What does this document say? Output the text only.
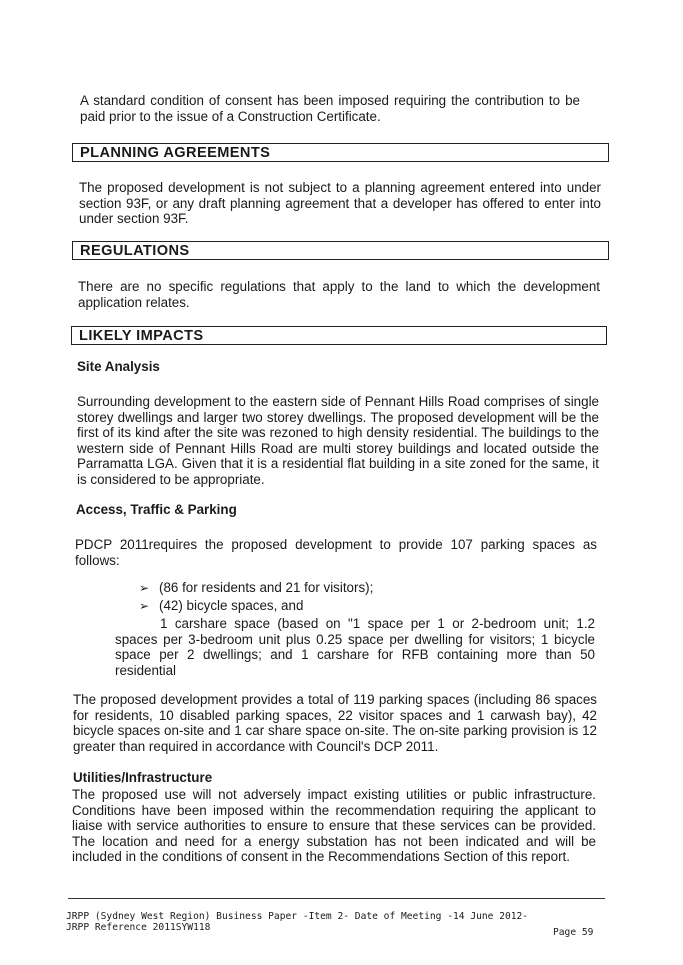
A standard condition of consent has been imposed requiring the contribution to be paid prior to the issue of a Construction Certificate.

PLANNING AGREEMENTS

The proposed development is not subject to a planning agreement entered into under section 93F, or any draft planning agreement that a developer has offered to enter into under section 93F.

REGULATIONS

There are no specific regulations that apply to the land to which the development application relates.

LIKELY IMPACTS

Site Analysis

Surrounding development to the eastern side of Pennant Hills Road comprises of single storey dwellings and larger two storey dwellings. The proposed development will be the first of its kind after the site was rezoned to high density residential. The buildings to the western side of Pennant Hills Road are multi storey buildings and located outside the Parramatta LGA. Given that it is a residential flat building in a site zoned for the same, it is considered to be appropriate.

Access, Traffic & Parking

PDCP 2011requires the proposed development to provide 107 parking spaces as follows:

➢ (86 for residents and 21 for visitors);

➢ (42) bicycle spaces, and

1 carshare space (based on "1 space per 1 or 2-bedroom unit; 1.2 spaces per 3-bedroom unit plus 0.25 space per dwelling for visitors; 1 bicycle space per 2 dwellings; and 1 carshare for RFB containing more than 50 residential

The proposed development provides a total of 119 parking spaces (including 86 spaces for residents, 10 disabled parking spaces, 22 visitor spaces and 1 carwash bay), 42 bicycle spaces on-site and 1 car share space on-site. The on-site parking provision is 12 greater than required in accordance with Council's DCP 2011.

Utilities/Infrastructure

The proposed use will not adversely impact existing utilities or public infrastructure. Conditions have been imposed within the recommendation requiring the applicant to liaise with service authorities to ensure to ensure that these services can be provided. The location and need for a energy substation has not been indicated and will be included in the conditions of consent in the Recommendations Section of this report.

JRPP (Sydney West Region) Business Paper -Item 2- Date of Meeting -14 June 2012-

JRPP Reference 2011SYW118	Page 59
